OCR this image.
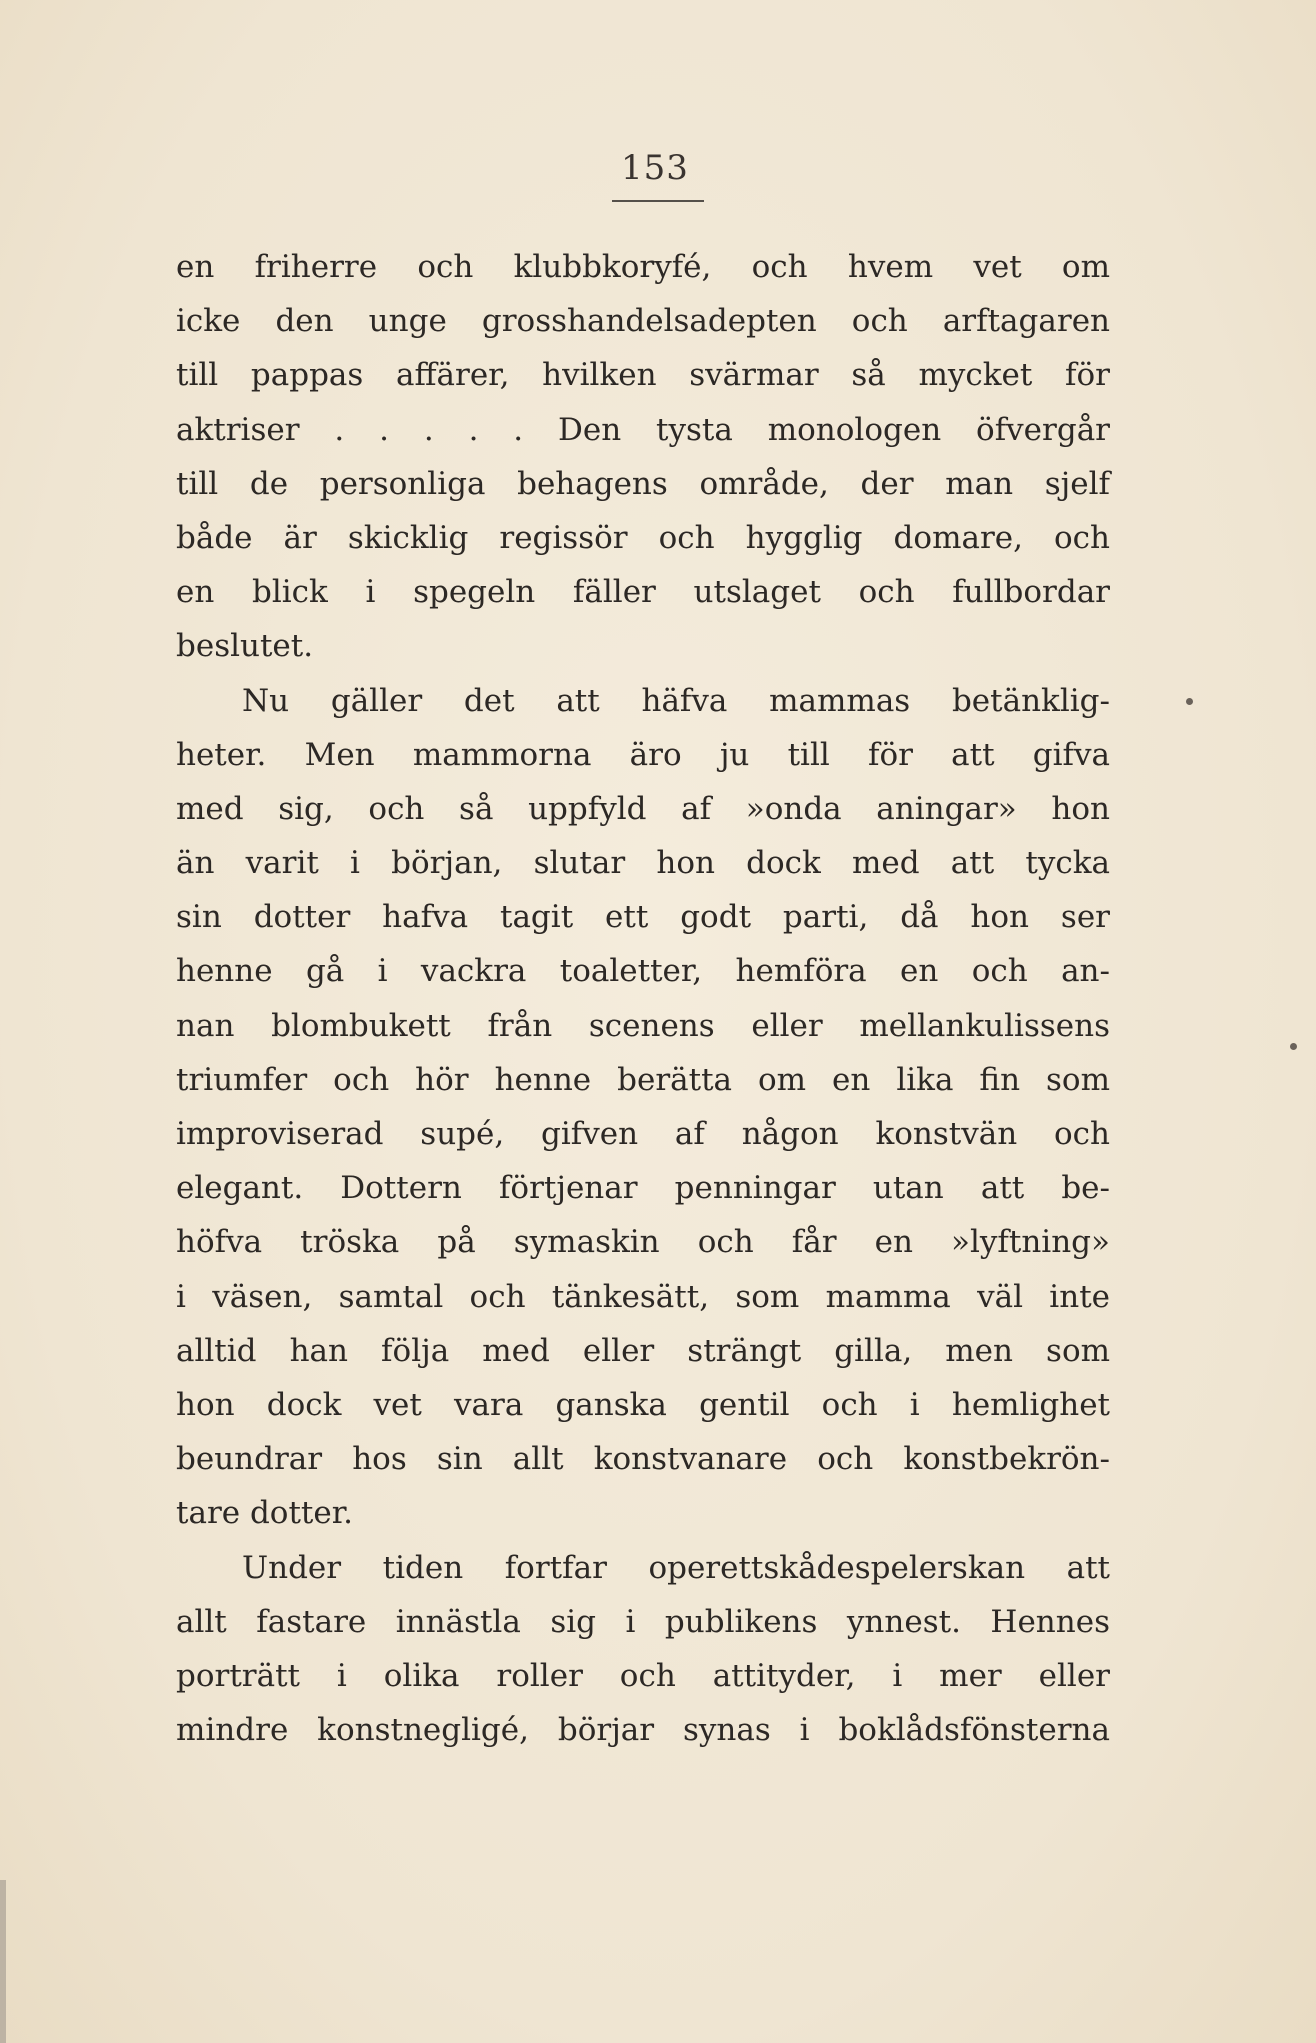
153
en friherre och klubbkoryfé, och hvem vet om
icke den unge grosshandelsadepten och arftagaren
till pappas affärer, hvilken svärmar så mycket för
aktriser . . . . . Den tysta monologen öfvergår
till de personliga behagens område, der man sjelf
både är skicklig regissör och hygglig domare, och
en blick i spegeln fäller utslaget och fullbordar
beslutet.
Nu gäller det att häfva mammas betänklig-
heter. Men mammorna äro ju till för att gifva
med sig, och så uppfyld af »onda aningar» hon
än varit i början, slutar hon dock med att tycka
sin dotter hafva tagit ett godt parti, då hon ser
henne gå i vackra toaletter, hemföra en och an-
nan blombukett från scenens eller mellankulissens
triumfer och hör henne berätta om en lika fin som
improviserad supé, gifven af någon konstvän och
elegant. Dottern förtjenar penningar utan att be-
höfva tröska på symaskin och får en »lyftning»
i väsen, samtal och tänkesätt, som mamma väl inte
alltid han följa med eller strängt gilla, men som
hon dock vet vara ganska gentil och i hemlighet
beundrar hos sin allt konstvanare och konstbekrön-
tare dotter.
Under tiden fortfar operettskådespelerskan att
allt fastare innästla sig i publikens ynnest. Hennes
porträtt i olika roller och attityder, i mer eller
mindre konstnegligé, börjar synas i boklådsfönsterna
